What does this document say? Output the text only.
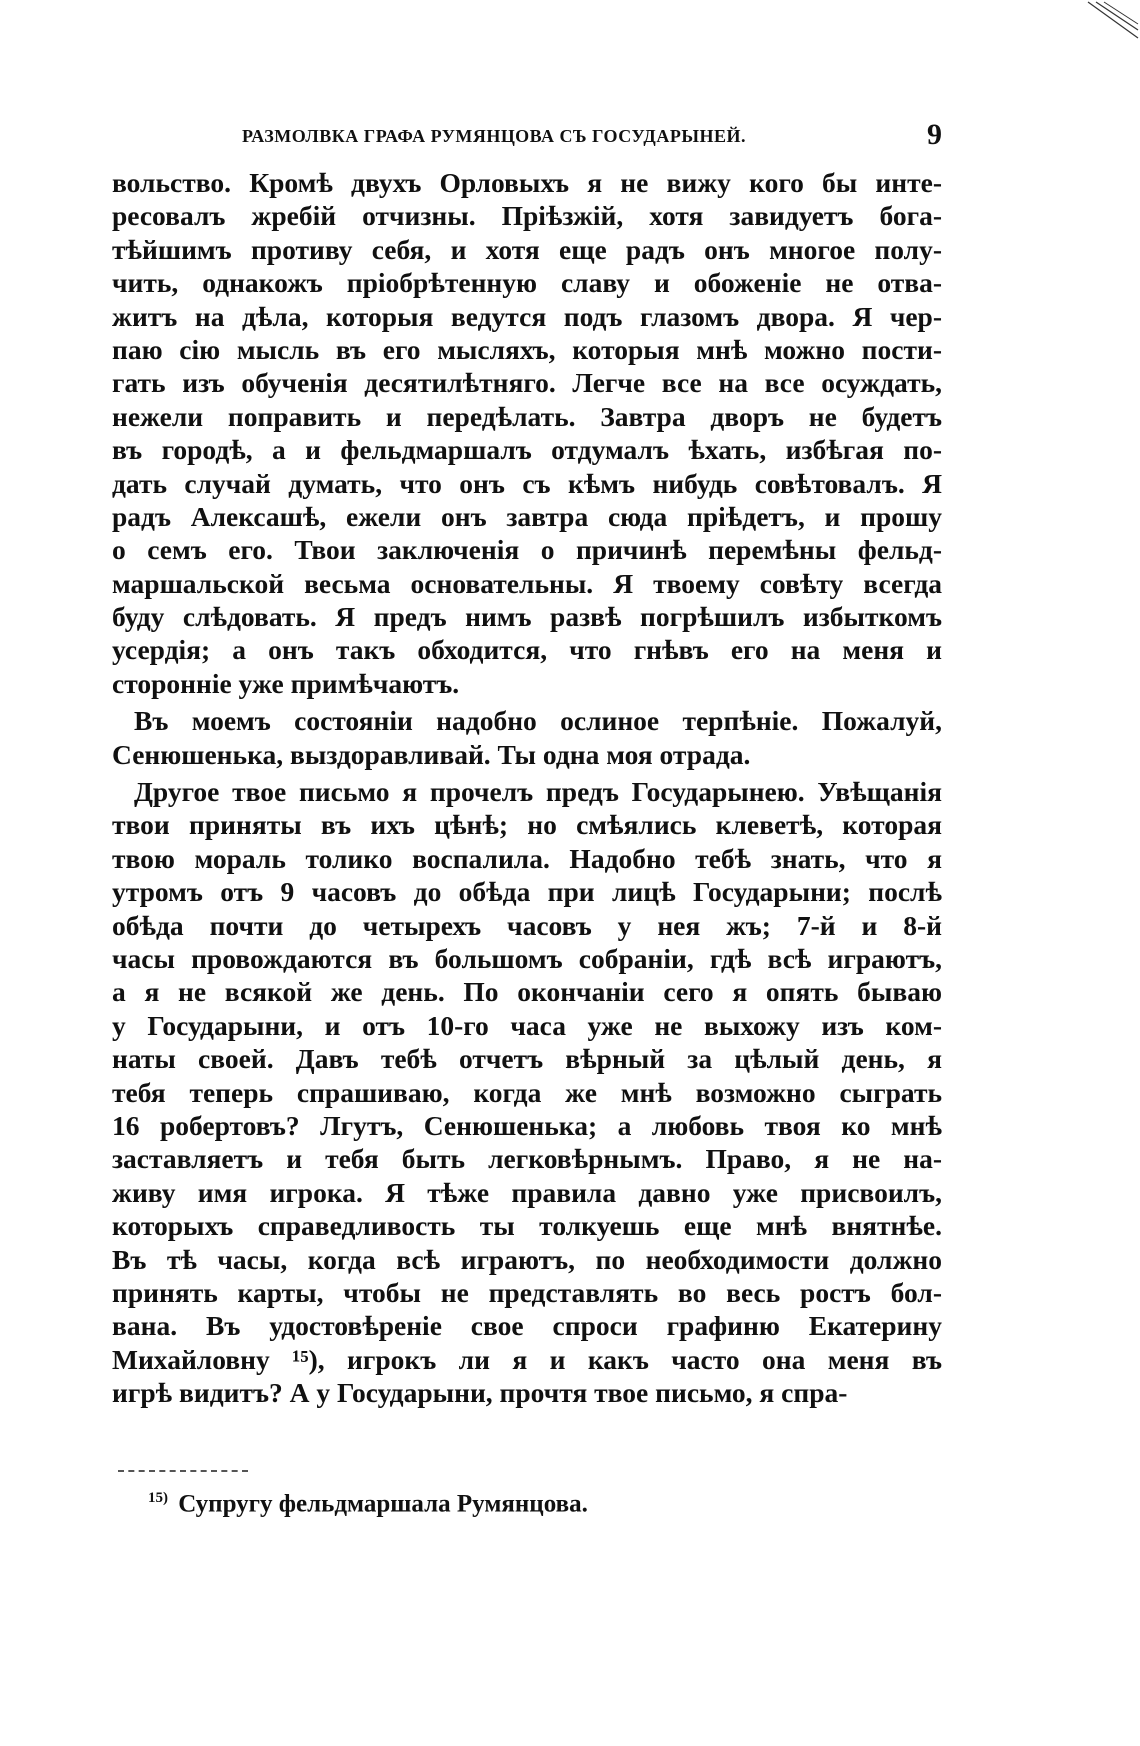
РАЗМОЛВКА ГРАФА РУМЯНЦОВА СЪ ГОСУДАРЫНЕЙ.	9
вольство. Кромѣ двухъ Орловыхъ я не вижу кого бы инте-
ресовалъ жребій отчизны. Пріѣзжій, хотя завидуетъ бога-
тѣйшимъ противу себя, и хотя еще радъ онъ многое полу-
чить, однакожъ пріобрѣтенную славу и обоженіе не отва-
житъ на дѣла, которыя ведутся подъ глазомъ двора. Я чер-
паю сію мысль въ его мысляхъ, которыя мнѣ можно пости-
гать изъ обученія десятилѣтняго. Легче все на все осуждать,
нежели поправить и передѣлать. Завтра дворъ не будетъ
въ городѣ, а и фельдмаршалъ отдумалъ ѣхать, избѣгая по-
дать случай думать, что онъ съ кѣмъ нибудь совѣтовалъ. Я
радъ Алексашѣ, ежели онъ завтра сюда пріѣдетъ, и прошу
о семъ его. Твои заключенія о причинѣ перемѣны фельд-
маршальской весьма основательны. Я твоему совѣту всегда
буду слѣдовать. Я предъ нимъ развѣ погрѣшилъ избыткомъ
усердія; а онъ такъ обходится, что гнѣвъ его на меня и
сторонніе уже примѣчаютъ.
Въ моемъ состояніи надобно ослиное терпѣніе. Пожалуй,
Сенюшенька, выздоравливай. Ты одна моя отрада.
Другое твое письмо я прочелъ предъ Государынею. Увѣщанія
твои приняты въ ихъ цѣнѣ; но смѣялись клеветѣ, которая
твою мораль толико воспалила. Надобно тебѣ знать, что я
утромъ отъ 9 часовъ до обѣда при лицѣ Государыни; послѣ
обѣда почти до четырехъ часовъ у нея жъ; 7-й и 8-й
часы провождаются въ большомъ собраніи, гдѣ всѣ играютъ,
а я не всякой же день. По окончаніи сего я опять бываю
у Государыни, и отъ 10-го часа уже не выхожу изъ ком-
наты своей. Давъ тебѣ отчетъ вѣрный за цѣлый день, я
тебя теперь спрашиваю, когда же мнѣ возможно сыграть
16 робертовъ? Лгутъ, Сенюшенька; а любовь твоя ко мнѣ
заставляетъ и тебя быть легковѣрнымъ. Право, я не на-
живу имя игрока. Я тѣже правила давно уже присвоилъ,
которыхъ справедливость ты толкуешь еще мнѣ внятнѣе.
Въ тѣ часы, когда всѣ играютъ, по необходимости должно
принять карты, чтобы не представлять во весь ростъ бол-
вана. Въ удостовѣреніе свое спроси графиню Екатерину
Михайловну ¹⁵), игрокъ ли я и какъ часто она меня въ
игрѣ видитъ? А у Государыни, прочтя твое письмо, я спра-
$^{15)}$ Супругу фельдмаршала Румянцова.
